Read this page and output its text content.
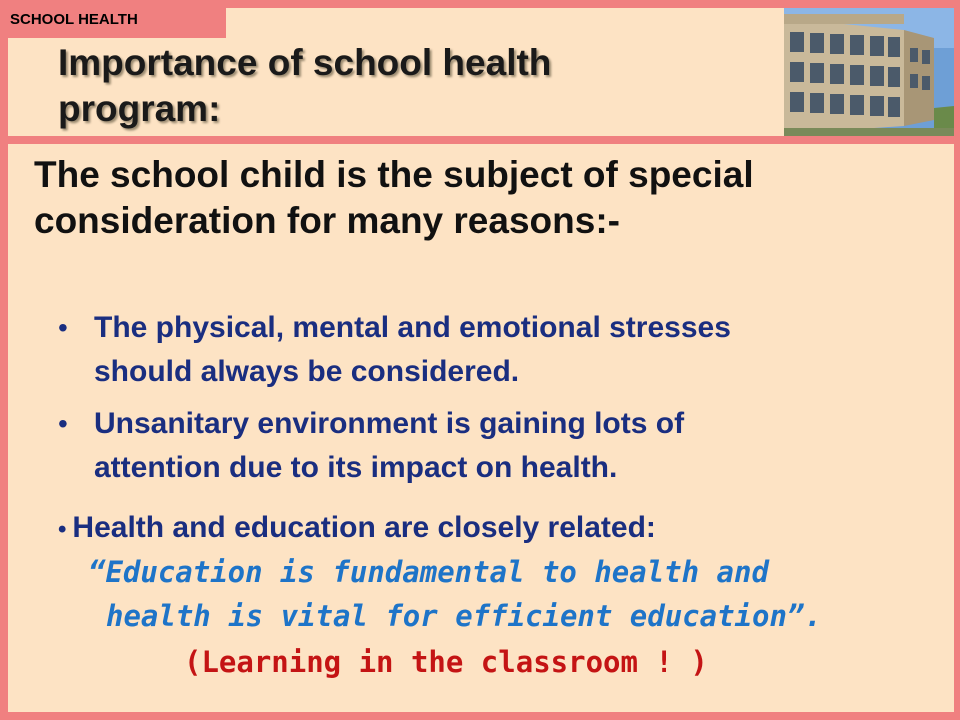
SCHOOL HEALTH
Importance of school health
program:
The school child is the subject of special
consideration for many reasons:-
• The physical, mental and emotional stresses
should always be considered.
• Unsanitary environment is gaining lots of
attention due to its impact on health.
• Health and education are closely related:
“Education is fundamental to health and
health is vital for efficient education”.
(Learning in the classroom ! )
